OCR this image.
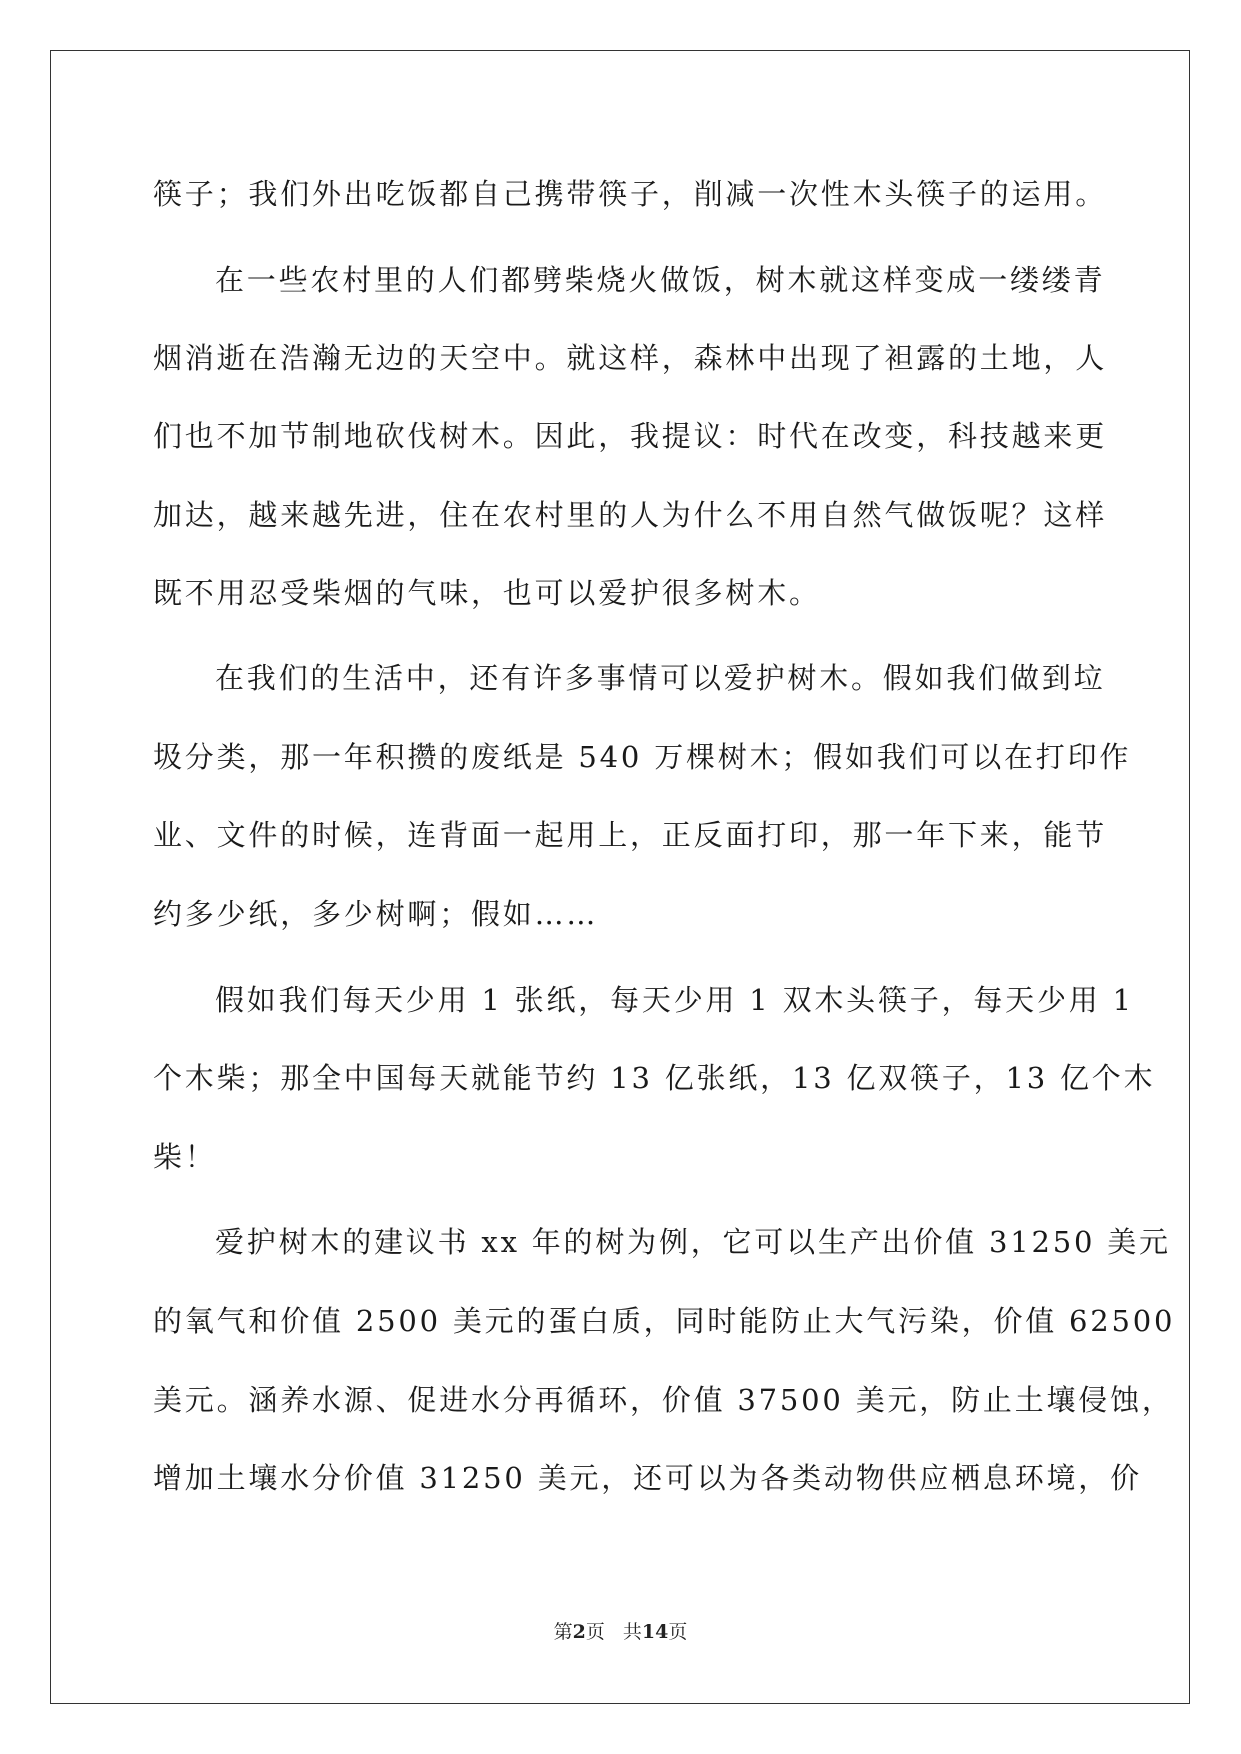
筷子；我们外出吃饭都自己携带筷子，削减一次性木头筷子的运用。
在一些农村里的人们都劈柴烧火做饭，树木就这样变成一缕缕青
烟消逝在浩瀚无边的天空中。就这样，森林中出现了袒露的土地，人
们也不加节制地砍伐树木。因此，我提议：时代在改变，科技越来更
加达，越来越先进，住在农村里的人为什么不用自然气做饭呢？这样
既不用忍受柴烟的气味，也可以爱护很多树木。
在我们的生活中，还有许多事情可以爱护树木。假如我们做到垃
圾分类，那一年积攒的废纸是 540 万棵树木；假如我们可以在打印作
业、文件的时候，连背面一起用上，正反面打印，那一年下来，能节
约多少纸，多少树啊；假如……
假如我们每天少用 1 张纸，每天少用 1 双木头筷子，每天少用 1
个木柴；那全中国每天就能节约 13 亿张纸，13 亿双筷子，13 亿个木
柴！
爱护树木的建议书 xx 年的树为例，它可以生产出价值 31250 美元
的氧气和价值 2500 美元的蛋白质，同时能防止大气污染，价值 62500
美元。涵养水源、促进水分再循环，价值 37500 美元，防止土壤侵蚀，
增加土壤水分价值 31250 美元，还可以为各类动物供应栖息环境，价
第2页 共14页
